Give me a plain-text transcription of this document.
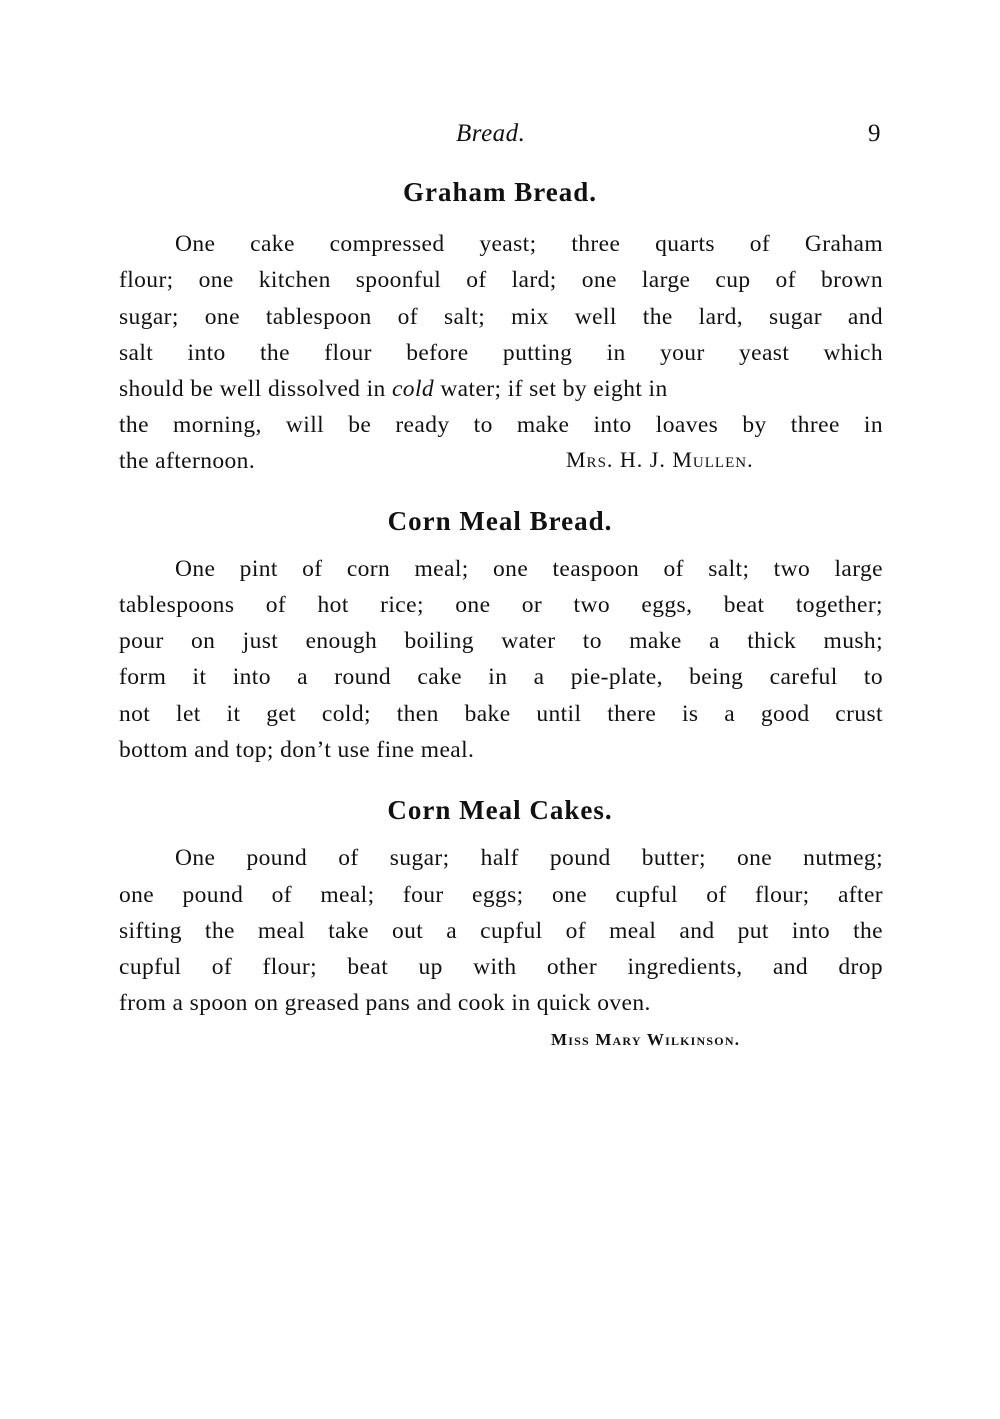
Bread.	9
Graham Bread.
One cake compressed yeast; three quarts of Graham
flour; one kitchen spoonful of lard; one large cup of brown
sugar; one tablespoon of salt; mix well the lard, sugar and
salt into the flour before putting in your yeast which
should be well dissolved in cold water; if set by eight in
the morning, will be ready to make into loaves by three in
the afternoon.	Mrs. H. J. Mullen.
Corn Meal Bread.
One pint of corn meal; one teaspoon of salt; two large
tablespoons of hot rice; one or two eggs, beat together;
pour on just enough boiling water to make a thick mush;
form it into a round cake in a pie-plate, being careful to
not let it get cold; then bake until there is a good crust
bottom and top; don’t use fine meal.
Corn Meal Cakes.
One pound of sugar; half pound butter; one nutmeg;
one pound of meal; four eggs; one cupful of flour; after
sifting the meal take out a cupful of meal and put into the
cupful of flour; beat up with other ingredients, and drop
from a spoon on greased pans and cook in quick oven.
Miss Mary Wilkinson.
